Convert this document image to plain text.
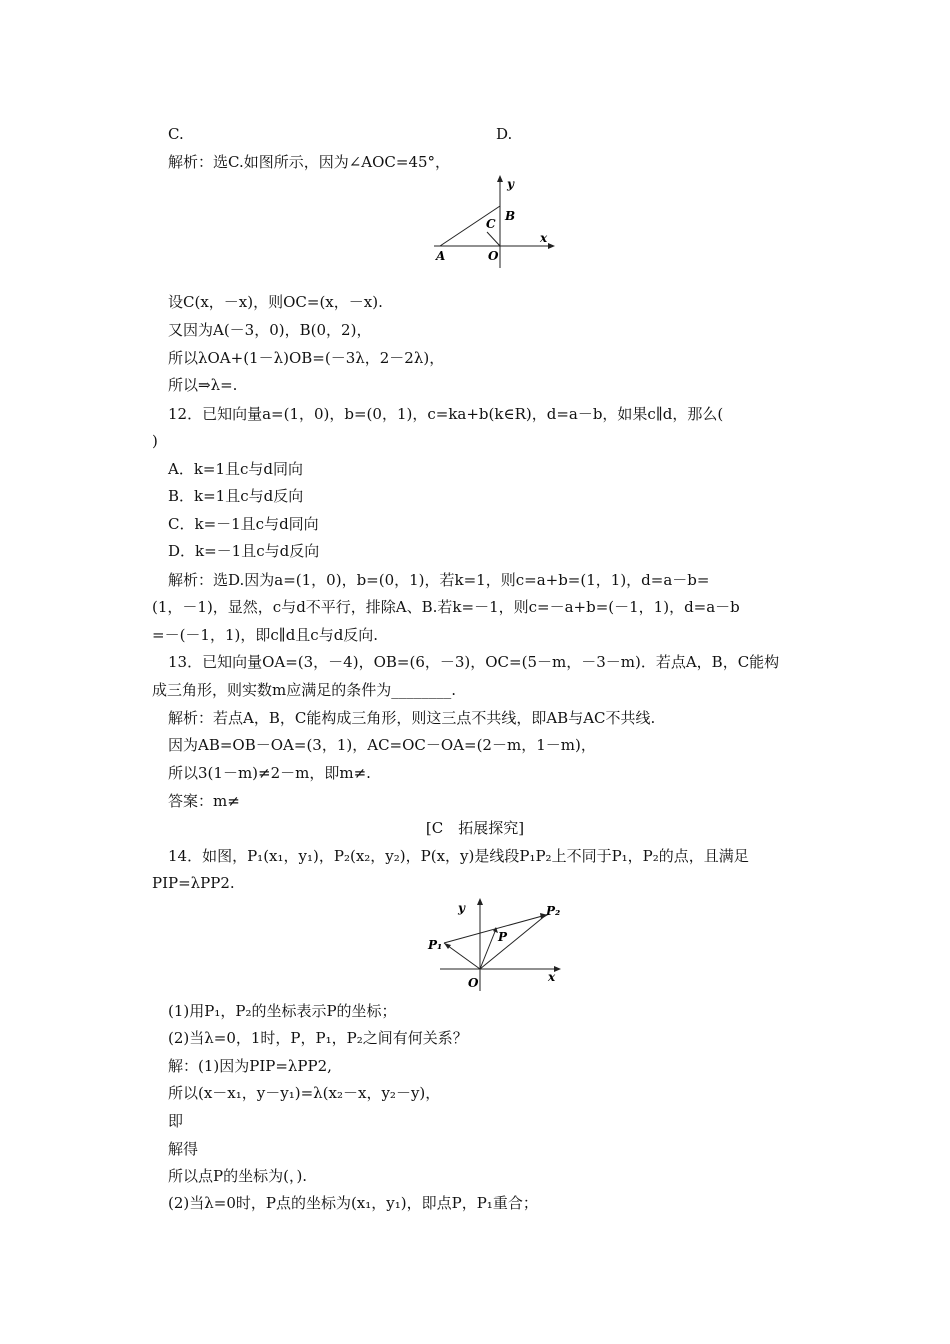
C.	D.
解析：选C.如图所示，因为∠AOC=45°，
y
x
A	O
B
C
设C(x，－x)，则OC=(x，－x).
又因为A(－3，0)，B(0，2)，
所以λOA+(1－λ)OB=(－3λ，2－2λ)，
所以⇒λ=.
12．已知向量a=(1，0)，b=(0，1)，c=ka+b(k∈R)，d=a－b，如果c∥d，那么(
)
A．k=1且c与d同向
B．k=1且c与d反向
C．k=－1且c与d同向
D．k=－1且c与d反向
解析：选D.因为a=(1，0)，b=(0，1)，若k=1，则c=a+b=(1，1)，d=a－b=
(1，－1)，显然，c与d不平行，排除A、B.若k=－1，则c=－a+b=(－1，1)，d=a－b
=－(－1，1)，即c∥d且c与d反向.
13．已知向量OA=(3，－4)，OB=(6，－3)，OC=(5－m，－3－m)．若点A，B，C能构
成三角形，则实数m应满足的条件为________.
解析：若点A，B，C能构成三角形，则这三点不共线，即AB与AC不共线.
因为AB=OB－OA=(3，1)，AC=OC－OA=(2－m，1－m)，
所以3(1－m)≠2－m，即m≠.
答案：m≠
[C　拓展探究]
14．如图，P₁(x₁，y₁)，P₂(x₂，y₂)，P(x，y)是线段P₁P₂上不同于P₁，P₂的点，且满足
PIP=λPP2.
y
x
O
P
P₁
P₂
(1)用P₁，P₂的坐标表示P的坐标；
(2)当λ=0，1时，P，P₁，P₂之间有何关系？
解：(1)因为PIP=λPP2,
所以(x－x₁，y－y₁)=λ(x₂－x，y₂－y)，
即
解得
所以点P的坐标为(，).
(2)当λ=0时，P点的坐标为(x₁，y₁)，即点P，P₁重合；
